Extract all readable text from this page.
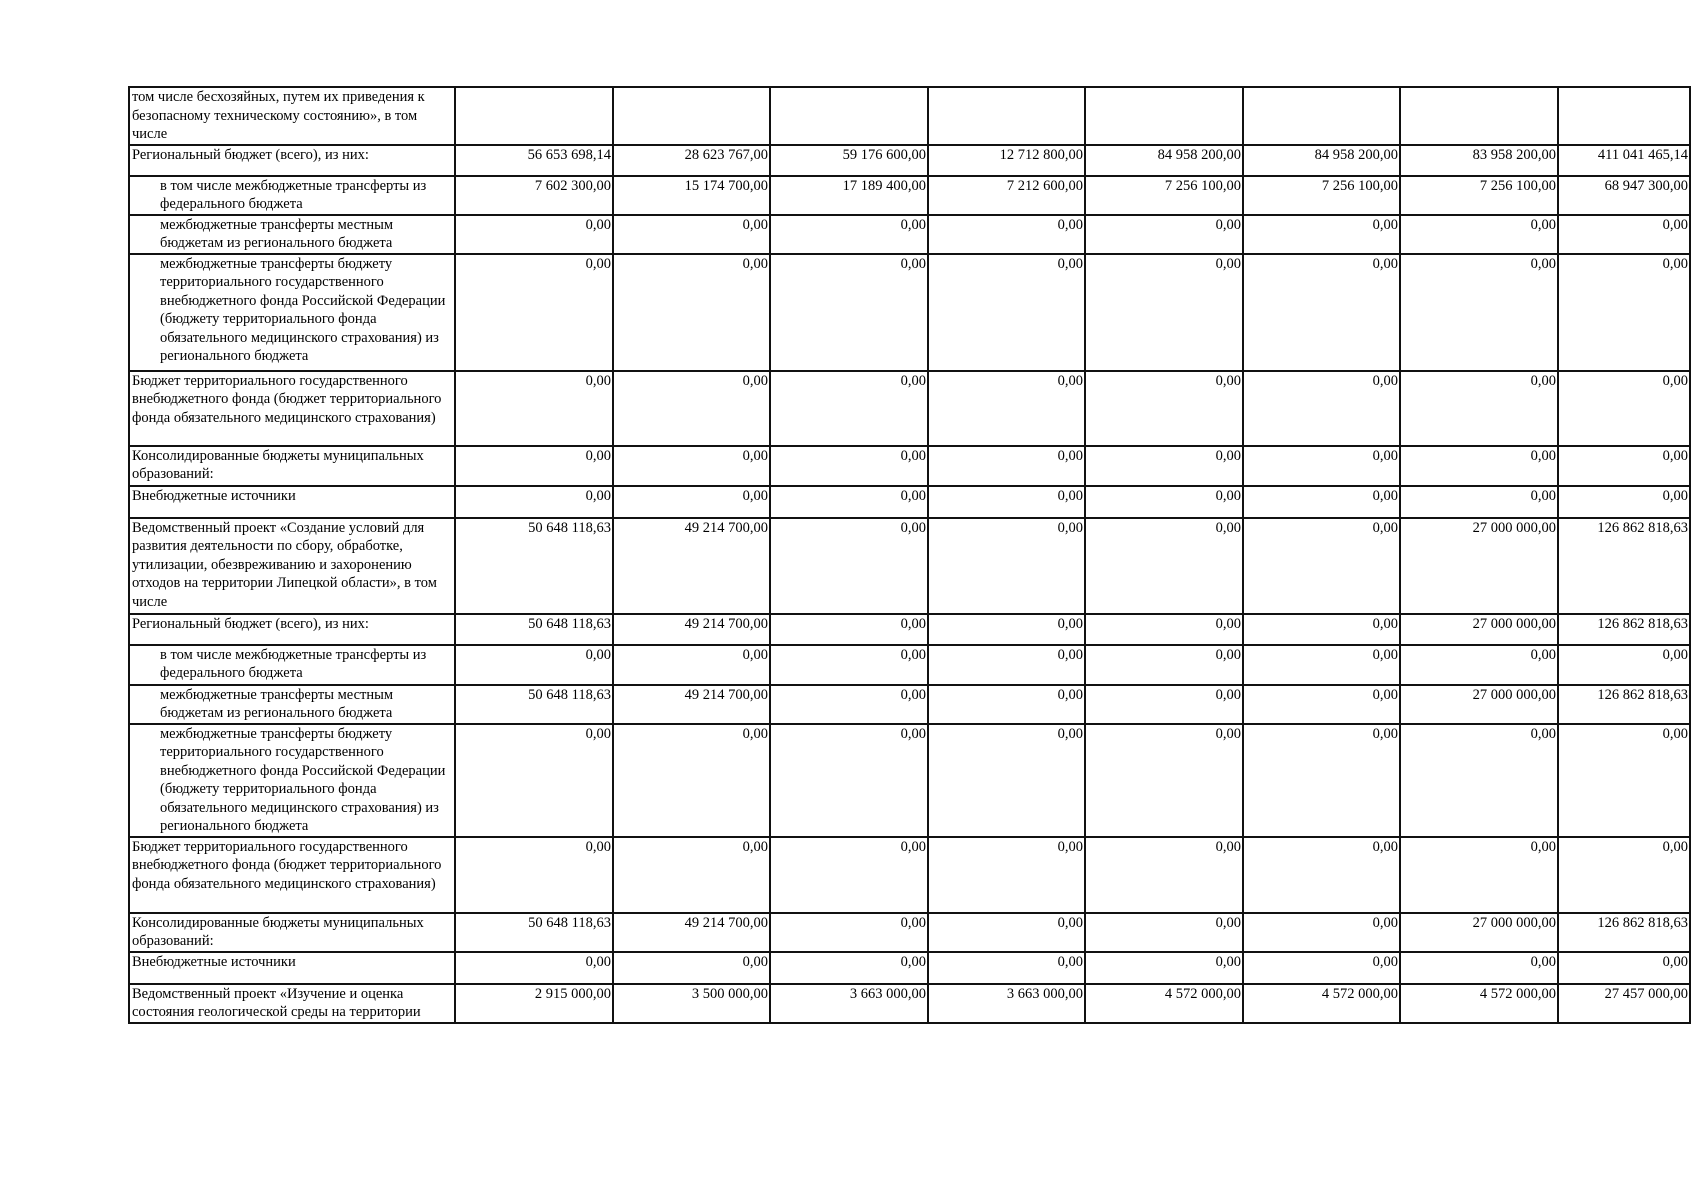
том числе бесхозяйных, путем их приведения к безопасному техническому состоянию», в том числе								
Региональный бюджет (всего), из них:	56 653 698,14	28 623 767,00	59 176 600,00	12 712 800,00	84 958 200,00	84 958 200,00	83 958 200,00	411 041 465,14
в том числе межбюджетные трансферты из федерального бюджета	7 602 300,00	15 174 700,00	17 189 400,00	7 212 600,00	7 256 100,00	7 256 100,00	7 256 100,00	68 947 300,00
межбюджетные трансферты местным бюджетам из регионального бюджета	0,00	0,00	0,00	0,00	0,00	0,00	0,00	0,00
межбюджетные трансферты бюджету территориального государственного внебюджетного фонда Российской Федерации (бюджету территориального фонда обязательного медицинского страхования) из регионального бюджета	0,00	0,00	0,00	0,00	0,00	0,00	0,00	0,00
Бюджет территориального государственного внебюджетного фонда (бюджет территориального фонда обязательного медицинского страхования)	0,00	0,00	0,00	0,00	0,00	0,00	0,00	0,00
Консолидированные бюджеты муниципальных образований:	0,00	0,00	0,00	0,00	0,00	0,00	0,00	0,00
Внебюджетные источники	0,00	0,00	0,00	0,00	0,00	0,00	0,00	0,00
Ведомственный проект «Создание условий для развития деятельности по сбору, обработке, утилизации, обезвреживанию и захоронению отходов на территории Липецкой области», в том числе	50 648 118,63	49 214 700,00	0,00	0,00	0,00	0,00	27 000 000,00	126 862 818,63
Региональный бюджет (всего), из них:	50 648 118,63	49 214 700,00	0,00	0,00	0,00	0,00	27 000 000,00	126 862 818,63
в том числе межбюджетные трансферты из федерального бюджета	0,00	0,00	0,00	0,00	0,00	0,00	0,00	0,00
межбюджетные трансферты местным бюджетам из регионального бюджета	50 648 118,63	49 214 700,00	0,00	0,00	0,00	0,00	27 000 000,00	126 862 818,63
межбюджетные трансферты бюджету территориального государственного внебюджетного фонда Российской Федерации (бюджету территориального фонда обязательного медицинского страхования) из регионального бюджета	0,00	0,00	0,00	0,00	0,00	0,00	0,00	0,00
Бюджет территориального государственного внебюджетного фонда (бюджет территориального фонда обязательного медицинского страхования)	0,00	0,00	0,00	0,00	0,00	0,00	0,00	0,00
Консолидированные бюджеты муниципальных образований:	50 648 118,63	49 214 700,00	0,00	0,00	0,00	0,00	27 000 000,00	126 862 818,63
Внебюджетные источники	0,00	0,00	0,00	0,00	0,00	0,00	0,00	0,00
Ведомственный проект «Изучение и оценка состояния геологической среды на территории	2 915 000,00	3 500 000,00	3 663 000,00	3 663 000,00	4 572 000,00	4 572 000,00	4 572 000,00	27 457 000,00
